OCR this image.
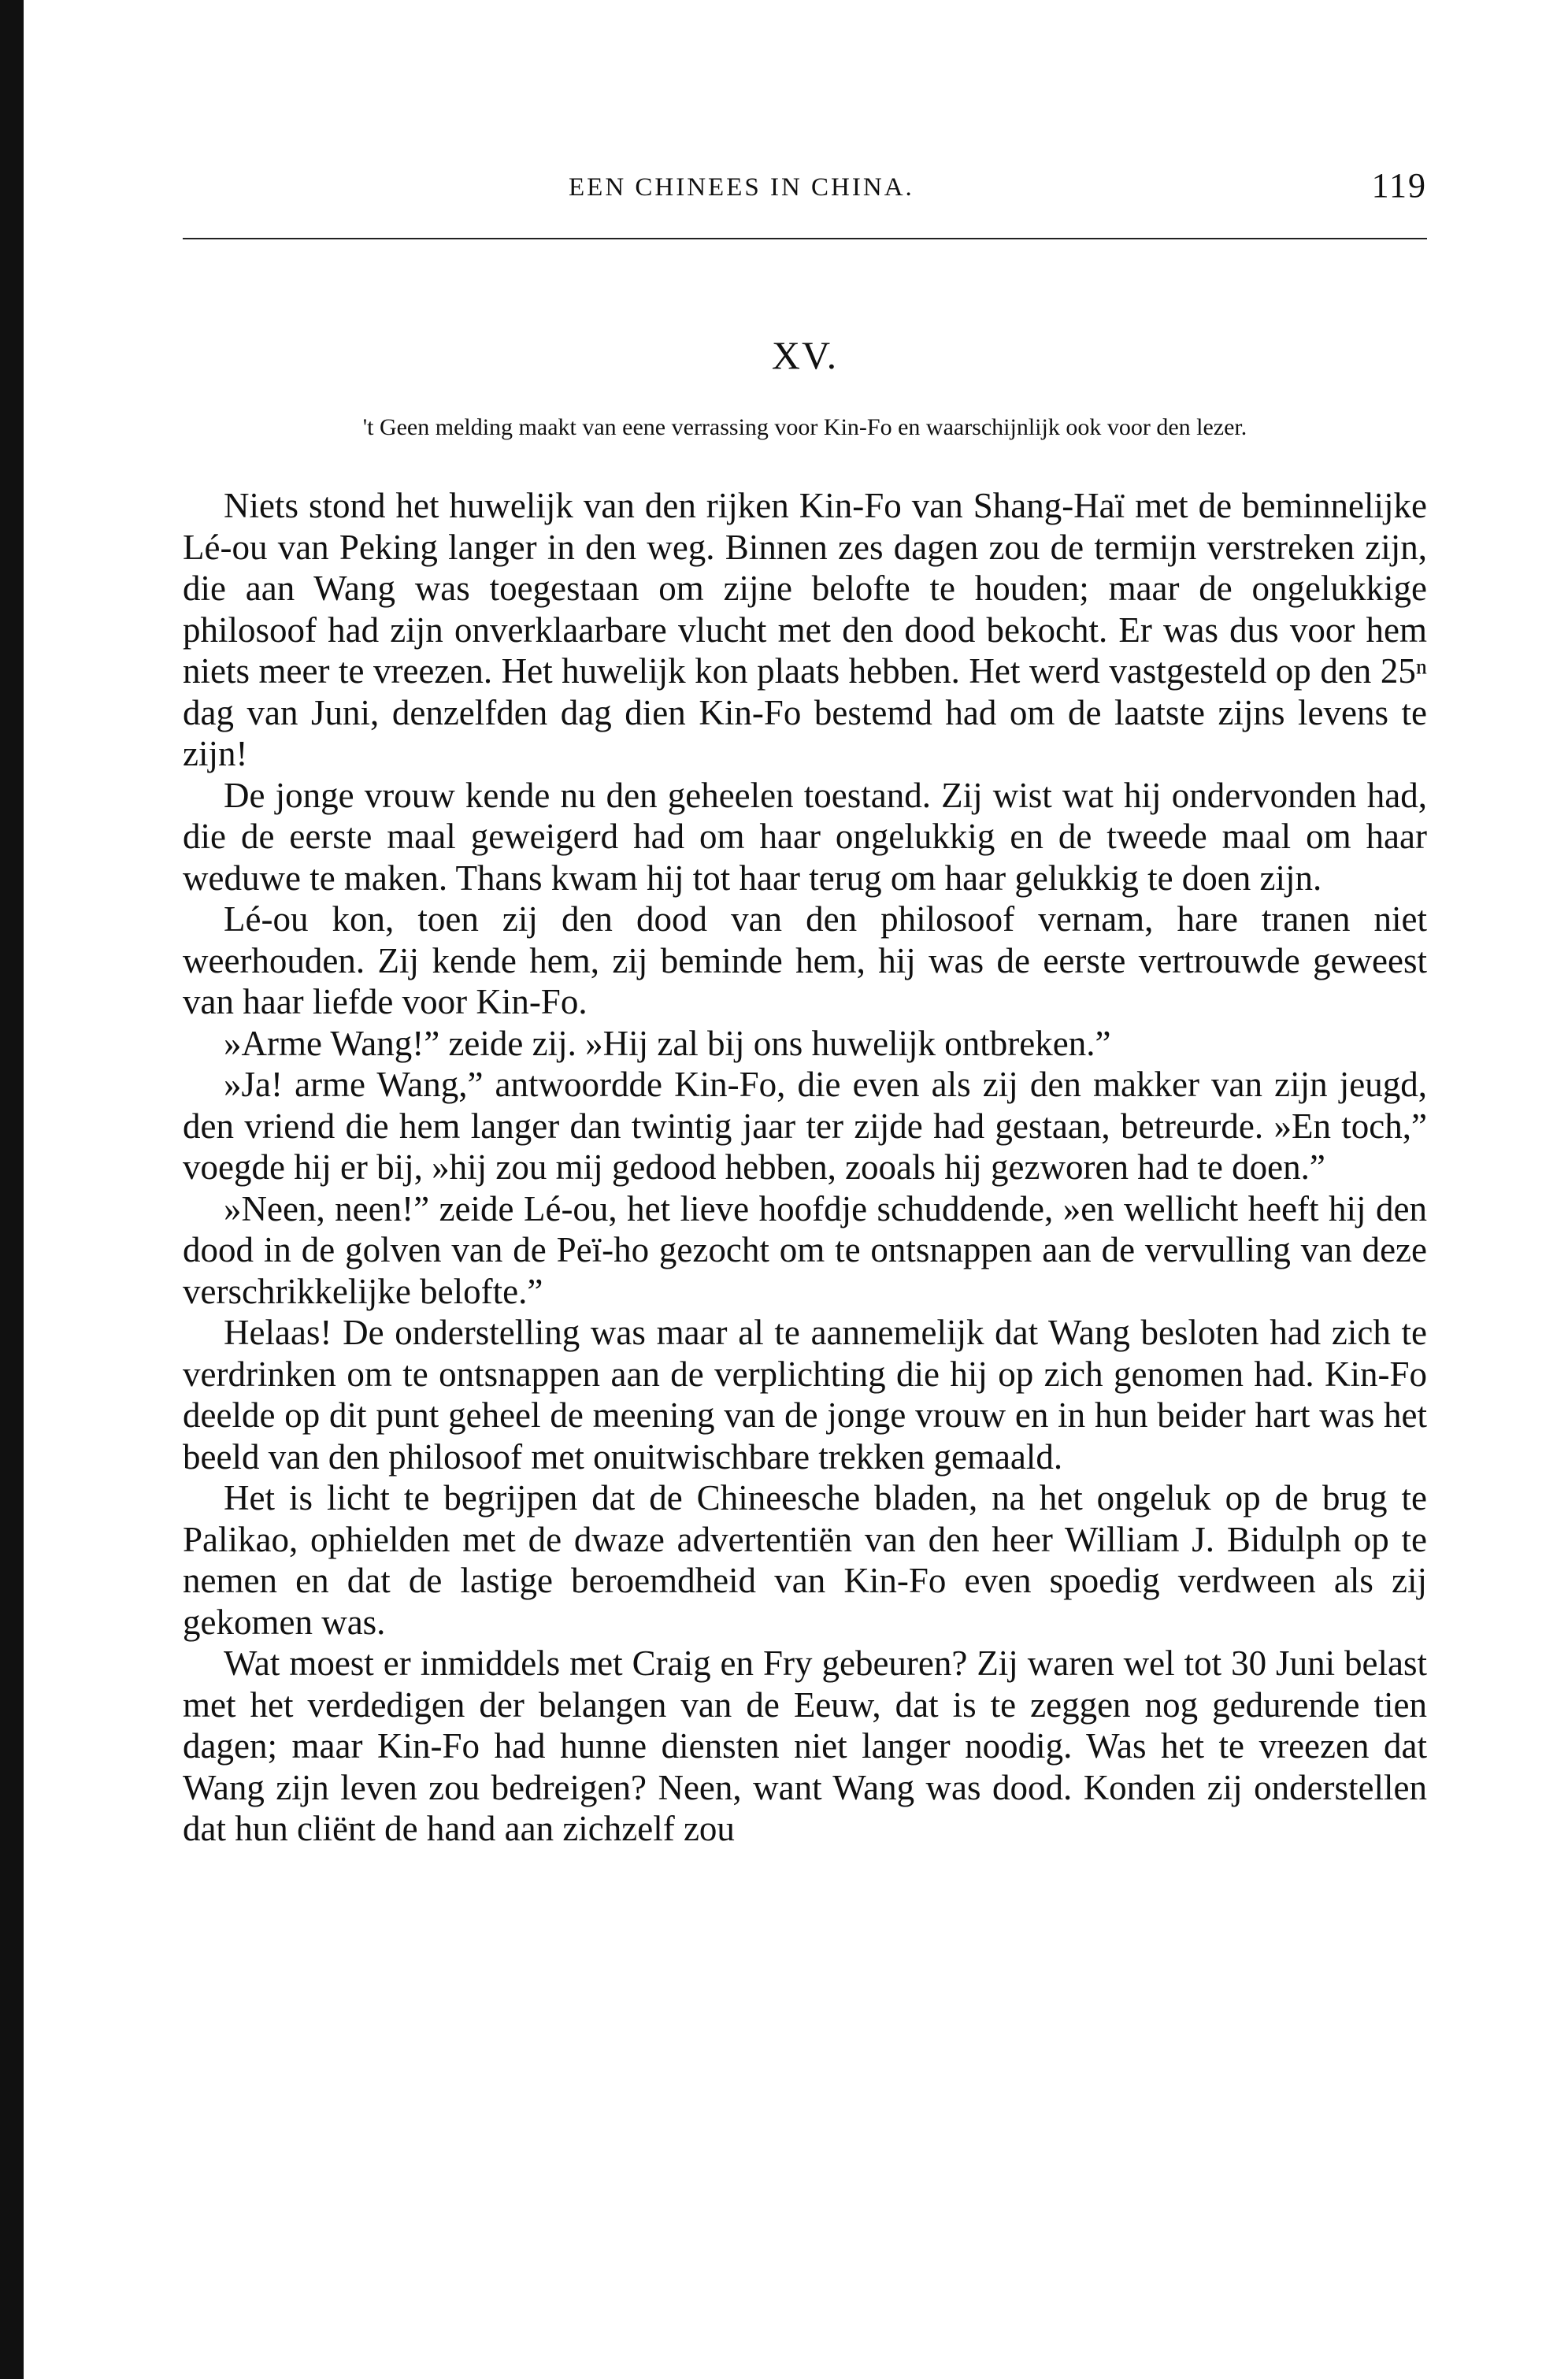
EEN CHINEES IN CHINA.	119
XV.
't Geen melding maakt van eene verrassing voor Kin-Fo en waarschijnlijk ook voor den lezer.

Niets stond het huwelijk van den rijken Kin-Fo van Shang-Haï met de beminnelijke Lé-ou van Peking langer in den weg. Binnen zes dagen zou de termijn verstreken zijn, die aan Wang was toegestaan om zijne belofte te houden; maar de ongelukkige philosoof had zijn onverklaarbare vlucht met den dood bekocht. Er was dus voor hem niets meer te vreezen. Het huwelijk kon plaats hebben. Het werd vastgesteld op den 25ⁿ dag van Juni, denzelfden dag dien Kin-Fo bestemd had om de laatste zijns levens te zijn!

De jonge vrouw kende nu den geheelen toestand. Zij wist wat hij ondervonden had, die de eerste maal geweigerd had om haar ongelukkig en de tweede maal om haar weduwe te maken. Thans kwam hij tot haar terug om haar gelukkig te doen zijn.

Lé-ou kon, toen zij den dood van den philosoof vernam, hare tranen niet weerhouden. Zij kende hem, zij beminde hem, hij was de eerste vertrouwde geweest van haar liefde voor Kin-Fo.

»Arme Wang!” zeide zij. »Hij zal bij ons huwelijk ontbreken.”

»Ja! arme Wang,” antwoordde Kin-Fo, die even als zij den makker van zijn jeugd, den vriend die hem langer dan twintig jaar ter zijde had gestaan, betreurde. »En toch,” voegde hij er bij, »hij zou mij gedood hebben, zooals hij gezworen had te doen.”

»Neen, neen!” zeide Lé-ou, het lieve hoofdje schuddende, »en wellicht heeft hij den dood in de golven van de Peï-ho gezocht om te ontsnappen aan de vervulling van deze verschrikkelijke belofte.”

Helaas! De onderstelling was maar al te aannemelijk dat Wang besloten had zich te verdrinken om te ontsnappen aan de verplichting die hij op zich genomen had. Kin-Fo deelde op dit punt geheel de meening van de jonge vrouw en in hun beider hart was het beeld van den philosoof met onuitwischbare trekken gemaald.

Het is licht te begrijpen dat de Chineesche bladen, na het ongeluk op de brug te Palikao, ophielden met de dwaze advertentiën van den heer William J. Bidulph op te nemen en dat de lastige beroemdheid van Kin-Fo even spoedig verdween als zij gekomen was.

Wat moest er inmiddels met Craig en Fry gebeuren? Zij waren wel tot 30 Juni belast met het verdedigen der belangen van de Eeuw, dat is te zeggen nog gedurende tien dagen; maar Kin-Fo had hunne diensten niet langer noodig. Was het te vreezen dat Wang zijn leven zou bedreigen? Neen, want Wang was dood. Konden zij onderstellen dat hun cliënt de hand aan zichzelf zou
